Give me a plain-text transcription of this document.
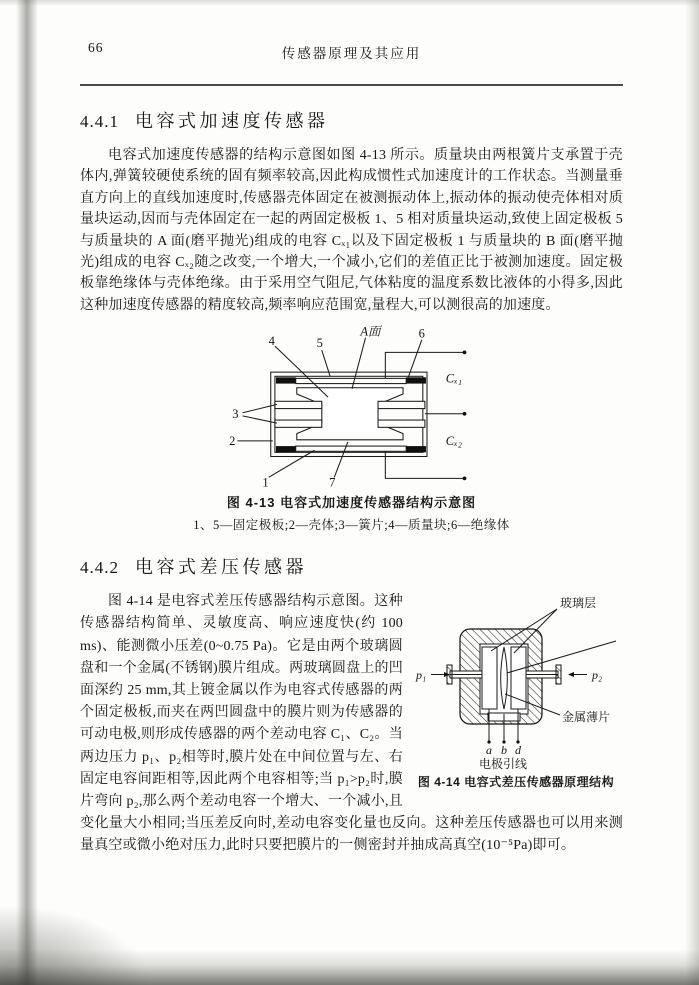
66	传感器原理及其应用
4.4.1 电容式加速度传感器
电容式加速度传感器的结构示意图如图 4-13 所示。质量块由两根簧片支承置于壳体内,弹簧较硬使系统的固有频率较高,因此构成惯性式加速度计的工作状态。当测量垂直方向上的直线加速度时,传感器壳体固定在被测振动体上,振动体的振动使壳体相对质量块运动,因而与壳体固定在一起的两固定极板 1、5 相对质量块运动,致使上固定极板 5 与质量块的 A 面(磨平抛光)组成的电容 Cₓ₁以及下固定极板 1 与质量块的 B 面(磨平抛光)组成的电容 Cₓ₂随之改变,一个增大,一个减小,它们的差值正比于被测加速度。固定极板靠绝缘体与壳体绝缘。由于采用空气阻尼,气体粘度的温度系数比液体的小得多,因此这种加速度传感器的精度较高,频率响应范围宽,量程大,可以测很高的加速度。
4	5
A面	6
3
2
1	7
Cₓ₁
Cₓ₂
图 4-13 电容式加速度传感器结构示意图
1、5—固定极板;2—壳体;3—簧片;4—质量块;6—绝缘体
4.4.2 电容式差压传感器
玻璃层
金属薄片
p₁	p₂
a b d
电极引线
图 4-14 电容式差压传感器原理结构
图 4-14 是电容式差压传感器结构示意图。这种传感器结构简单、灵敏度高、响应速度快(约 100 ms)、能测微小压差(0~0.75 Pa)。它是由两个玻璃圆盘和一个金属(不锈钢)膜片组成。两玻璃圆盘上的凹面深约 25 mm,其上镀金属以作为电容式传感器的两个固定极板,而夹在两凹圆盘中的膜片则为传感器的可动电极,则形成传感器的两个差动电容 C₁、C₂。当两边压力 p₁、p₂相等时,膜片处在中间位置与左、右固定电容间距相等,因此两个电容相等;当 p₁>p₂时,膜片弯向 p₂,那么两个差动电容一个增大、一个减小,且变化量大小相同;当压差反向时,差动电容变化量也反向。这种差压传感器也可以用来测量真空或微小绝对压力,此时只要把膜片的一侧密封并抽成高真空(10⁻⁵Pa)即可。
